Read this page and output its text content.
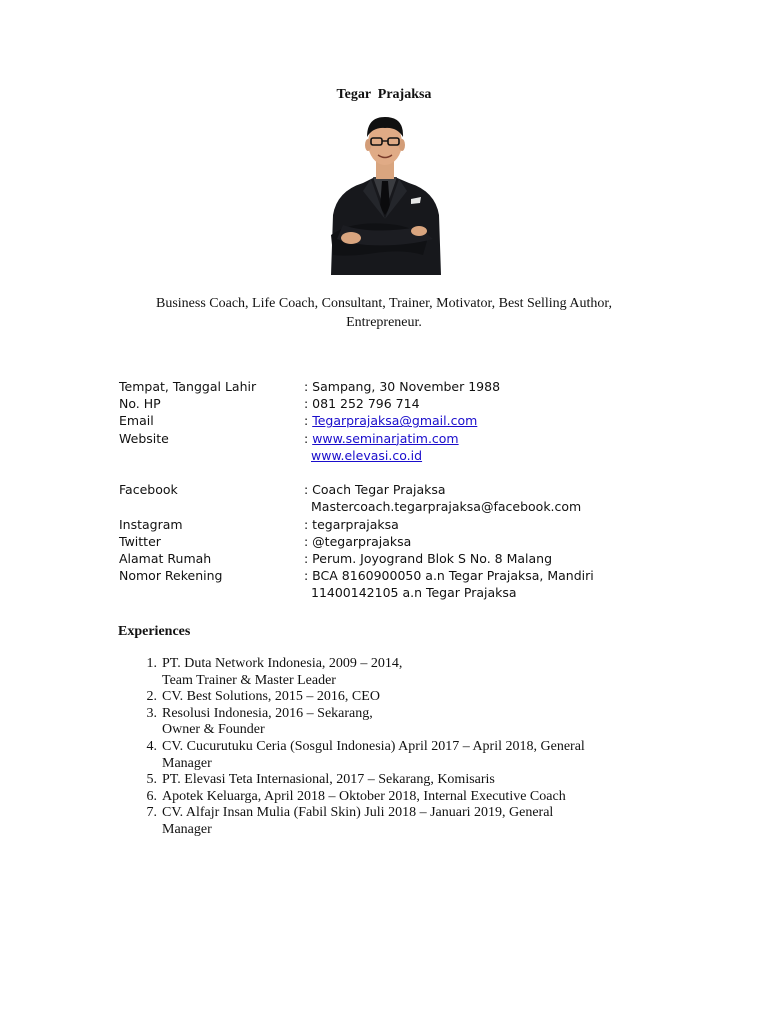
Tegar  Prajaksa
Business Coach, Life Coach, Consultant, Trainer, Motivator, Best Selling Author, Entrepreneur.
Tempat, Tanggal Lahir	: Sampang, 30 November 1988
No. HP	: 081 252 796 714
Email	: Tegarprajaksa@gmail.com
Website	: www.seminarjatim.com
www.elevasi.co.id
Facebook	: Coach Tegar Prajaksa
Mastercoach.tegarprajaksa@facebook.com
Instagram	: tegarprajaksa
Twitter	: @tegarprajaksa
Alamat Rumah	: Perum. Joyogrand Blok S No. 8 Malang
Nomor Rekening	: BCA 8160900050 a.n Tegar Prajaksa, Mandiri
11400142105 a.n Tegar Prajaksa
Experiences
1. PT. Duta Network Indonesia, 2009 – 2014,
Team Trainer & Master Leader
2. CV. Best Solutions, 2015 – 2016, CEO
3. Resolusi Indonesia, 2016 – Sekarang,
Owner & Founder
4. CV. Cucurutuku Ceria (Sosgul Indonesia) April 2017 – April 2018, General
Manager
5. PT. Elevasi Teta Internasional, 2017 – Sekarang, Komisaris
6. Apotek Keluarga, April 2018 – Oktober 2018, Internal Executive Coach
7. CV. Alfajr Insan Mulia (Fabil Skin) Juli 2018 – Januari 2019, General
Manager
